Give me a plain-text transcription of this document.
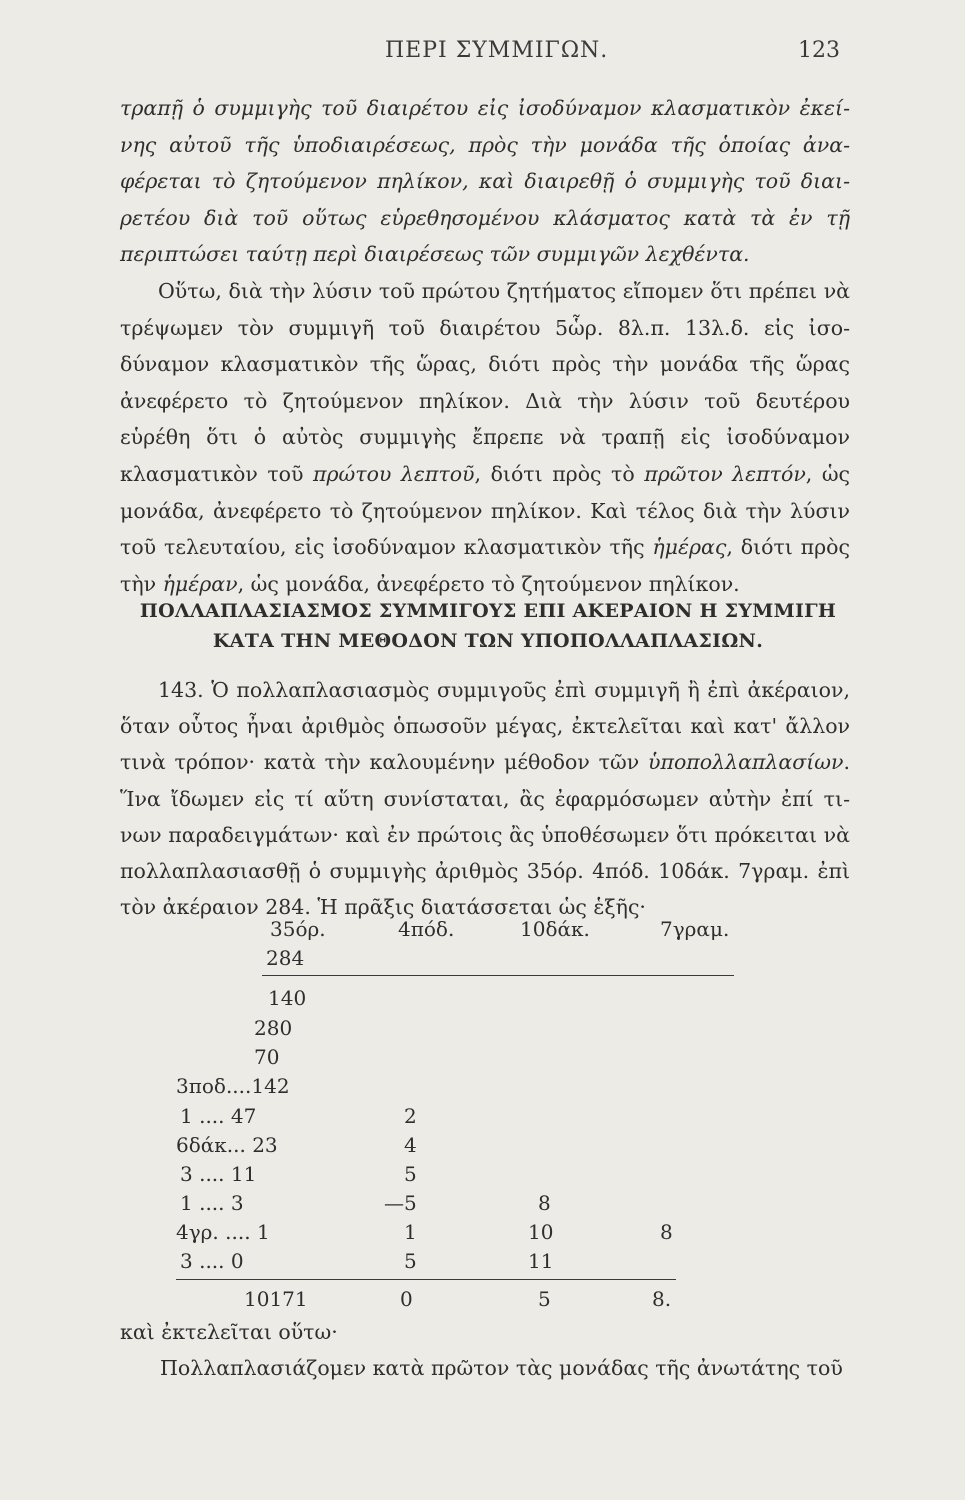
ΠΕΡΙ ΣΥΜΜΙΓΩΝ.	123

τραπῇ ὁ συμμιγὴς τοῦ διαιρέτου εἰς ἰσοδύναμον κλασματικὸν ἐκείνης αὐτοῦ τῆς ὑποδιαιρέσεως, πρὸς τὴν μονάδα τῆς ὁποίας ἀναφέρεται τὸ ζητούμενον πηλίκον, καὶ διαιρεθῇ ὁ συμμιγὴς τοῦ διαιρετέου διὰ τοῦ οὕτως εὑρεθησομένου κλάσματος κατὰ τὰ ἐν τῇ περιπτώσει ταύτῃ περὶ διαιρέσεως τῶν συμμιγῶν λεχθέντα.

Οὕτω, διὰ τὴν λύσιν τοῦ πρώτου ζητήματος εἴπομεν ὅτι πρέπει νὰ τρέψωμεν τὸν συμμιγῆ τοῦ διαιρέτου 5ὧρ. 8λ.π. 13λ.δ. εἰς ἰσοδύναμον κλασματικὸν τῆς ὥρας, διότι πρὸς τὴν μονάδα τῆς ὥρας ἀνεφέρετο τὸ ζητούμενον πηλίκον. Διὰ τὴν λύσιν τοῦ δευτέρου εὑρέθη ὅτι ὁ αὐτὸς συμμιγὴς ἔπρεπε νὰ τραπῇ εἰς ἰσοδύναμον κλασματικὸν τοῦ πρώτου λεπτοῦ, διότι πρὸς τὸ πρῶτον λεπτόν, ὡς μονάδα, ἀνεφέρετο τὸ ζητούμενον πηλίκον. Καὶ τέλος διὰ τὴν λύσιν τοῦ τελευταίου, εἰς ἰσοδύναμον κλασματικὸν τῆς ἡμέρας, διότι πρὸς τὴν ἡμέραν, ὡς μονάδα, ἀνεφέρετο τὸ ζητούμενον πηλίκον.

ΠΟΛΛΑΠΛΑΣΙΑΣΜΟΣ ΣΥΜΜΙΓΟΥΣ ΕΠΙ ΑΚΕΡΑΙΟΝ Η ΣΥΜΜΙΓΗ
ΚΑΤΑ ΤΗΝ ΜΕΘΟΔΟΝ ΤΩΝ ΥΠΟΠΟΛΛΑΠΛΑΣΙΩΝ.

143. Ὁ πολλαπλασιασμὸς συμμιγοῦς ἐπὶ συμμιγῆ ἢ ἐπὶ ἀκέραιον, ὅταν οὗτος ἦναι ἀριθμὸς ὁπωσοῦν μέγας, ἐκτελεῖται καὶ κατ' ἄλλον τινὰ τρόπον· κατὰ τὴν καλουμένην μέθοδον τῶν ὑποπολλαπλασίων. Ἵνα ἴδωμεν εἰς τί αὕτη συνίσταται, ἂς ἐφαρμόσωμεν αὐτὴν ἐπί τινων παραδειγμάτων· καὶ ἐν πρώτοις ἂς ὑποθέσωμεν ὅτι πρόκειται νὰ πολλαπλασιασθῇ ὁ συμμιγὴς ἀριθμὸς 35όρ. 4πόδ. 10δάκ. 7γραμ. ἐπὶ τὸν ἀκέραιον 284. Ἡ πρᾶξις διατάσσεται ὡς ἑξῆς·

35όρ.	4πόδ.	10δάκ.	7γραμ.
284
140
280
70
3ποδ....142
1 .... 47	2
6δάκ... 23	4
3 .... 11	5
1 .... 3	—5	8
4γρ. .... 1	1	10	8
3 .... 0	5	11
10171	0	5	8.
καὶ ἐκτελεῖται οὕτω·
Πολλαπλασιάζομεν κατὰ πρῶτον τὰς μονάδας τῆς ἀνωτάτης τοῦ
